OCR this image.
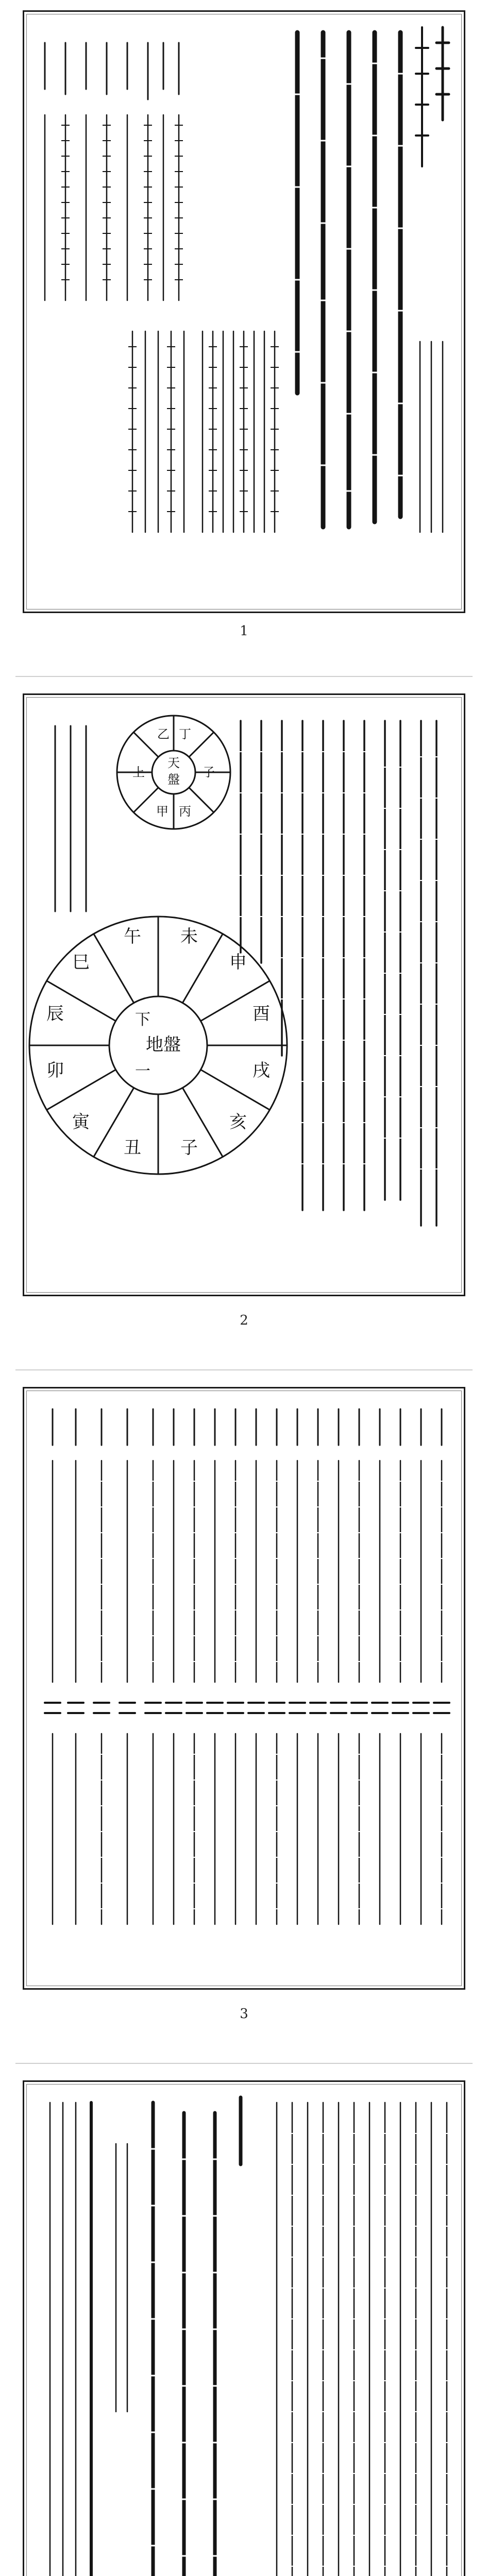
1
乙 丁
上
天
盤 子
甲 丙
地盤
下
一
卯
辰
巳
午 未
申
酉
戌
亥
子
丑
寅
2
3
